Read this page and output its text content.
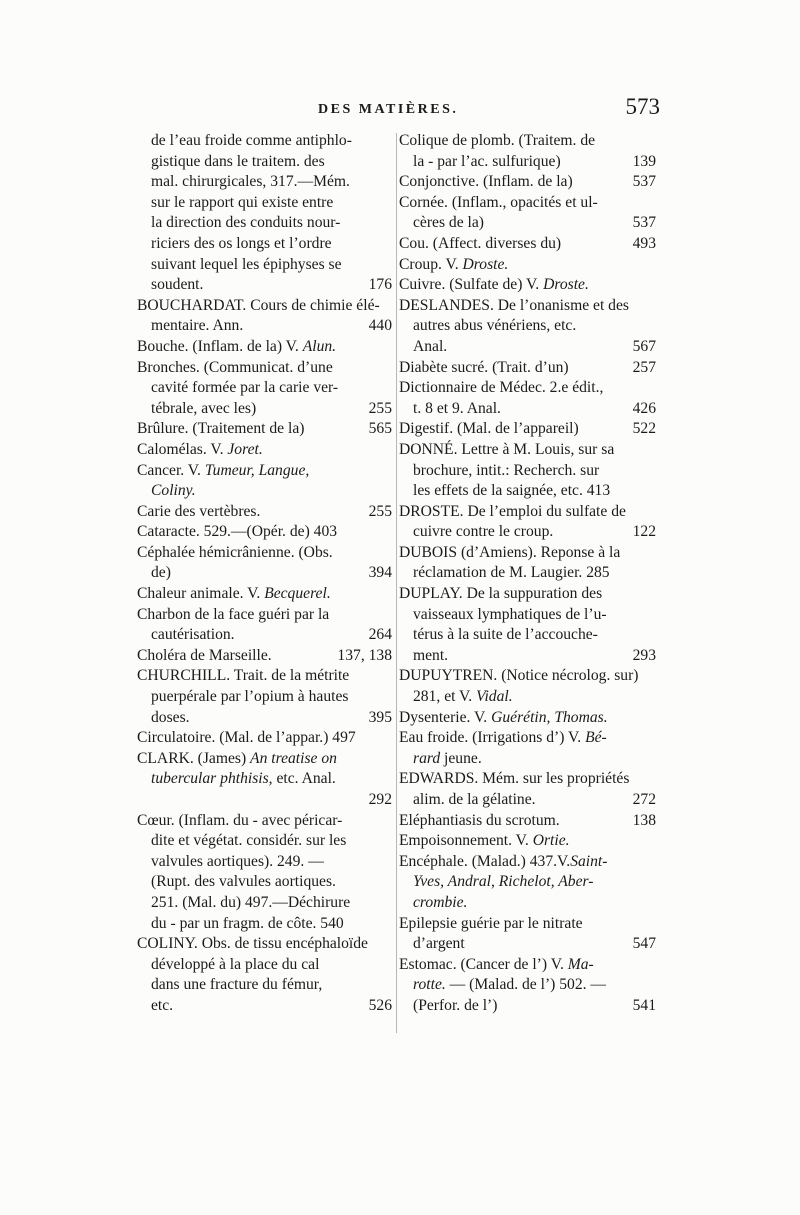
DES MATIÈRES.	573
de l’eau froide comme antiphlo-
gistique dans le traitem. des
mal. chirurgicales, 317.—Mém.
sur le rapport qui existe entre
la direction des conduits nour-
riciers des os longs et l’ordre
suivant lequel les épiphyses se
soudent.	176
BOUCHARDAT. Cours de chimie élé-
mentaire. Ann.	440
Bouche. (Inflam. de la) V. Alun.
Bronches. (Communicat. d’une
cavité formée par la carie ver-
tébrale, avec les)	255
Brûlure. (Traitement de la)	565
Calomélas. V. Joret.
Cancer. V. Tumeur, Langue,
Coliny.
Carie des vertèbres.	255
Cataracte. 529.—(Opér. de) 403
Céphalée hémicrânienne. (Obs.
de)	394
Chaleur animale. V. Becquerel.
Charbon de la face guéri par la
cautérisation.	264
Choléra de Marseille.	137, 138
CHURCHILL. Trait. de la métrite
puerpérale par l’opium à hautes
doses.	395
Circulatoire. (Mal. de l’appar.) 497
CLARK. (James) An treatise on
tubercular phthisis, etc. Anal.
292
Cœur. (Inflam. du - avec péricar-
dite et végétat. considér. sur les
valvules aortiques). 249. —
(Rupt. des valvules aortiques.
251. (Mal. du) 497.—Déchirure
du - par un fragm. de côte. 540
COLINY. Obs. de tissu encéphaloïde
développé à la place du cal
dans une fracture du fémur,
etc.	526
Colique de plomb. (Traitem. de
la - par l’ac. sulfurique)	139
Conjonctive. (Inflam. de la)	537
Cornée. (Inflam., opacités et ul-
cères de la)	537
Cou. (Affect. diverses du)	493
Croup. V. Droste.
Cuivre. (Sulfate de) V. Droste.
DESLANDES. De l’onanisme et des
autres abus vénériens, etc.
Anal.	567
Diabète sucré. (Trait. d’un)	257
Dictionnaire de Médec. 2.e édit.,
t. 8 et 9. Anal.	426
Digestif. (Mal. de l’appareil)	522
DONNÉ. Lettre à M. Louis, sur sa
brochure, intit.: Recherch. sur
les effets de la saignée, etc. 413
DROSTE. De l’emploi du sulfate de
cuivre contre le croup.	122
DUBOIS (d’Amiens). Reponse à la
réclamation de M. Laugier. 285
DUPLAY. De la suppuration des
vaisseaux lymphatiques de l’u-
térus à la suite de l’accouche-
ment.	293
DUPUYTREN. (Notice nécrolog. sur)
281, et V. Vidal.
Dysenterie. V. Guérétin, Thomas.
Eau froide. (Irrigations d’) V. Bé-
rard jeune.
EDWARDS. Mém. sur les propriétés
alim. de la gélatine.	272
Eléphantiasis du scrotum.	138
Empoisonnement. V. Ortie.
Encéphale. (Malad.) 437.V.Saint-
Yves, Andral, Richelot, Aber-
crombie.
Epilepsie guérie par le nitrate
d’argent	547
Estomac. (Cancer de l’) V. Ma-
rotte. — (Malad. de l’) 502. —
(Perfor. de l’)	541
